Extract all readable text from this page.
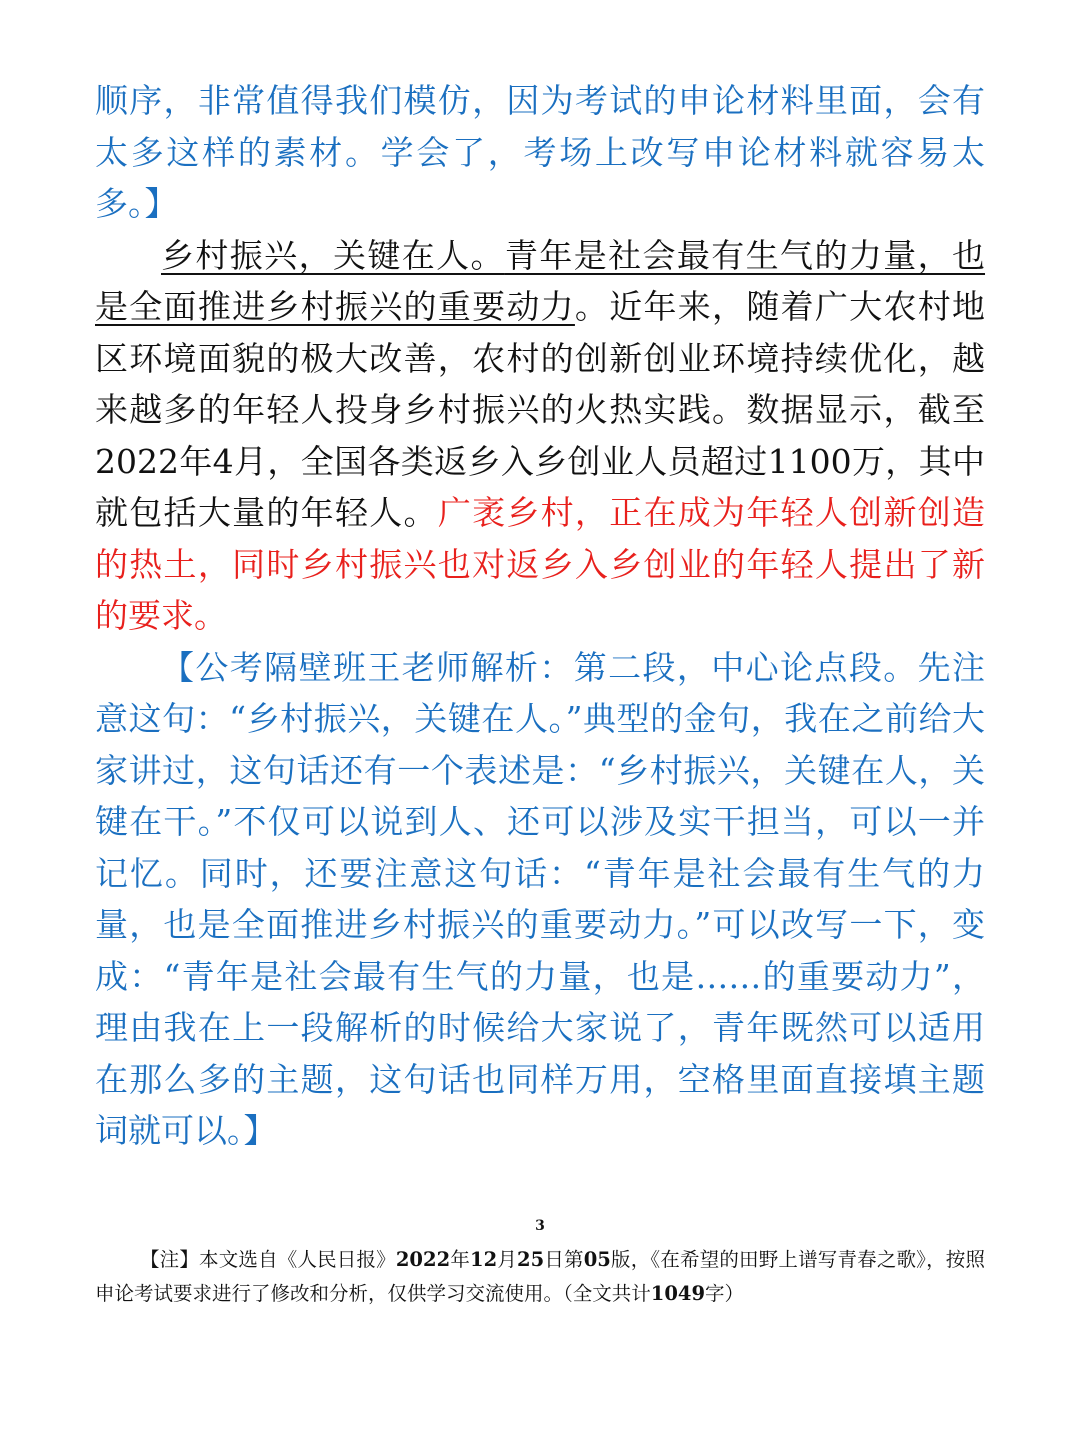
顺序，非常值得我们模仿，因为考试的申论材料里面，会有太多这样的素材。学会了，考场上改写申论材料就容易太多。】

乡村振兴，关键在人。青年是社会最有生气的力量，也是全面推进乡村振兴的重要动力。近年来，随着广大农村地区环境面貌的极大改善，农村的创新创业环境持续优化，越来越多的年轻人投身乡村振兴的火热实践。数据显示，截至2022年4月，全国各类返乡入乡创业人员超过1100万，其中就包括大量的年轻人。广袤乡村，正在成为年轻人创新创造的热土，同时乡村振兴也对返乡入乡创业的年轻人提出了新的要求。

【公考隔壁班王老师解析：第二段，中心论点段。先注意这句：“乡村振兴，关键在人。”典型的金句，我在之前给大家讲过，这句话还有一个表述是：“乡村振兴，关键在人，关键在干。”不仅可以说到人、还可以涉及实干担当，可以一并记忆。同时，还要注意这句话：“青年是社会最有生气的力量，也是全面推进乡村振兴的重要动力。”可以改写一下，变成：“青年是社会最有生气的力量，也是……的重要动力”，理由我在上一段解析的时候给大家说了，青年既然可以适用在那么多的主题，这句话也同样万用，空格里面直接填主题词就可以。】

3

【注】本文选自《人民日报》2022年12月25日第05版，《在希望的田野上谱写青春之歌》，按照申论考试要求进行了修改和分析，仅供学习交流使用。（全文共计1049字）
